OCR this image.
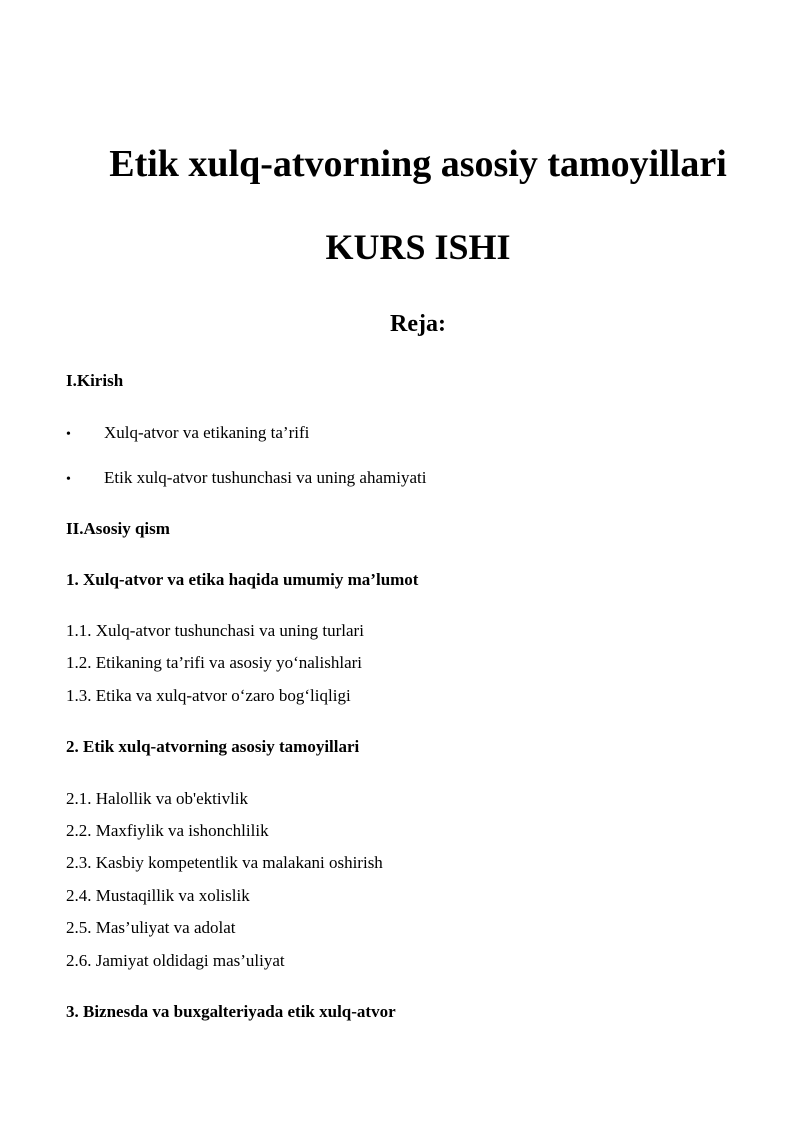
Etik xulq-atvorning asosiy tamoyillari
KURS ISHI
Reja:
I.Kirish
• Xulq-atvor va etikaning ta’rifi
• Etik xulq-atvor tushunchasi va uning ahamiyati
II.Asosiy qism
1. Xulq-atvor va etika haqida umumiy ma’lumot
1.1. Xulq-atvor tushunchasi va uning turlari
1.2. Etikaning ta’rifi va asosiy yo‘nalishlari
1.3. Etika va xulq-atvor o‘zaro bog‘liqligi
2. Etik xulq-atvorning asosiy tamoyillari
2.1. Halollik va ob'ektivlik
2.2. Maxfiylik va ishonchlilik
2.3. Kasbiy kompetentlik va malakani oshirish
2.4. Mustaqillik va xolislik
2.5. Mas’uliyat va adolat
2.6. Jamiyat oldidagi mas’uliyat
3. Biznesda va buxgalteriyada etik xulq-atvor
